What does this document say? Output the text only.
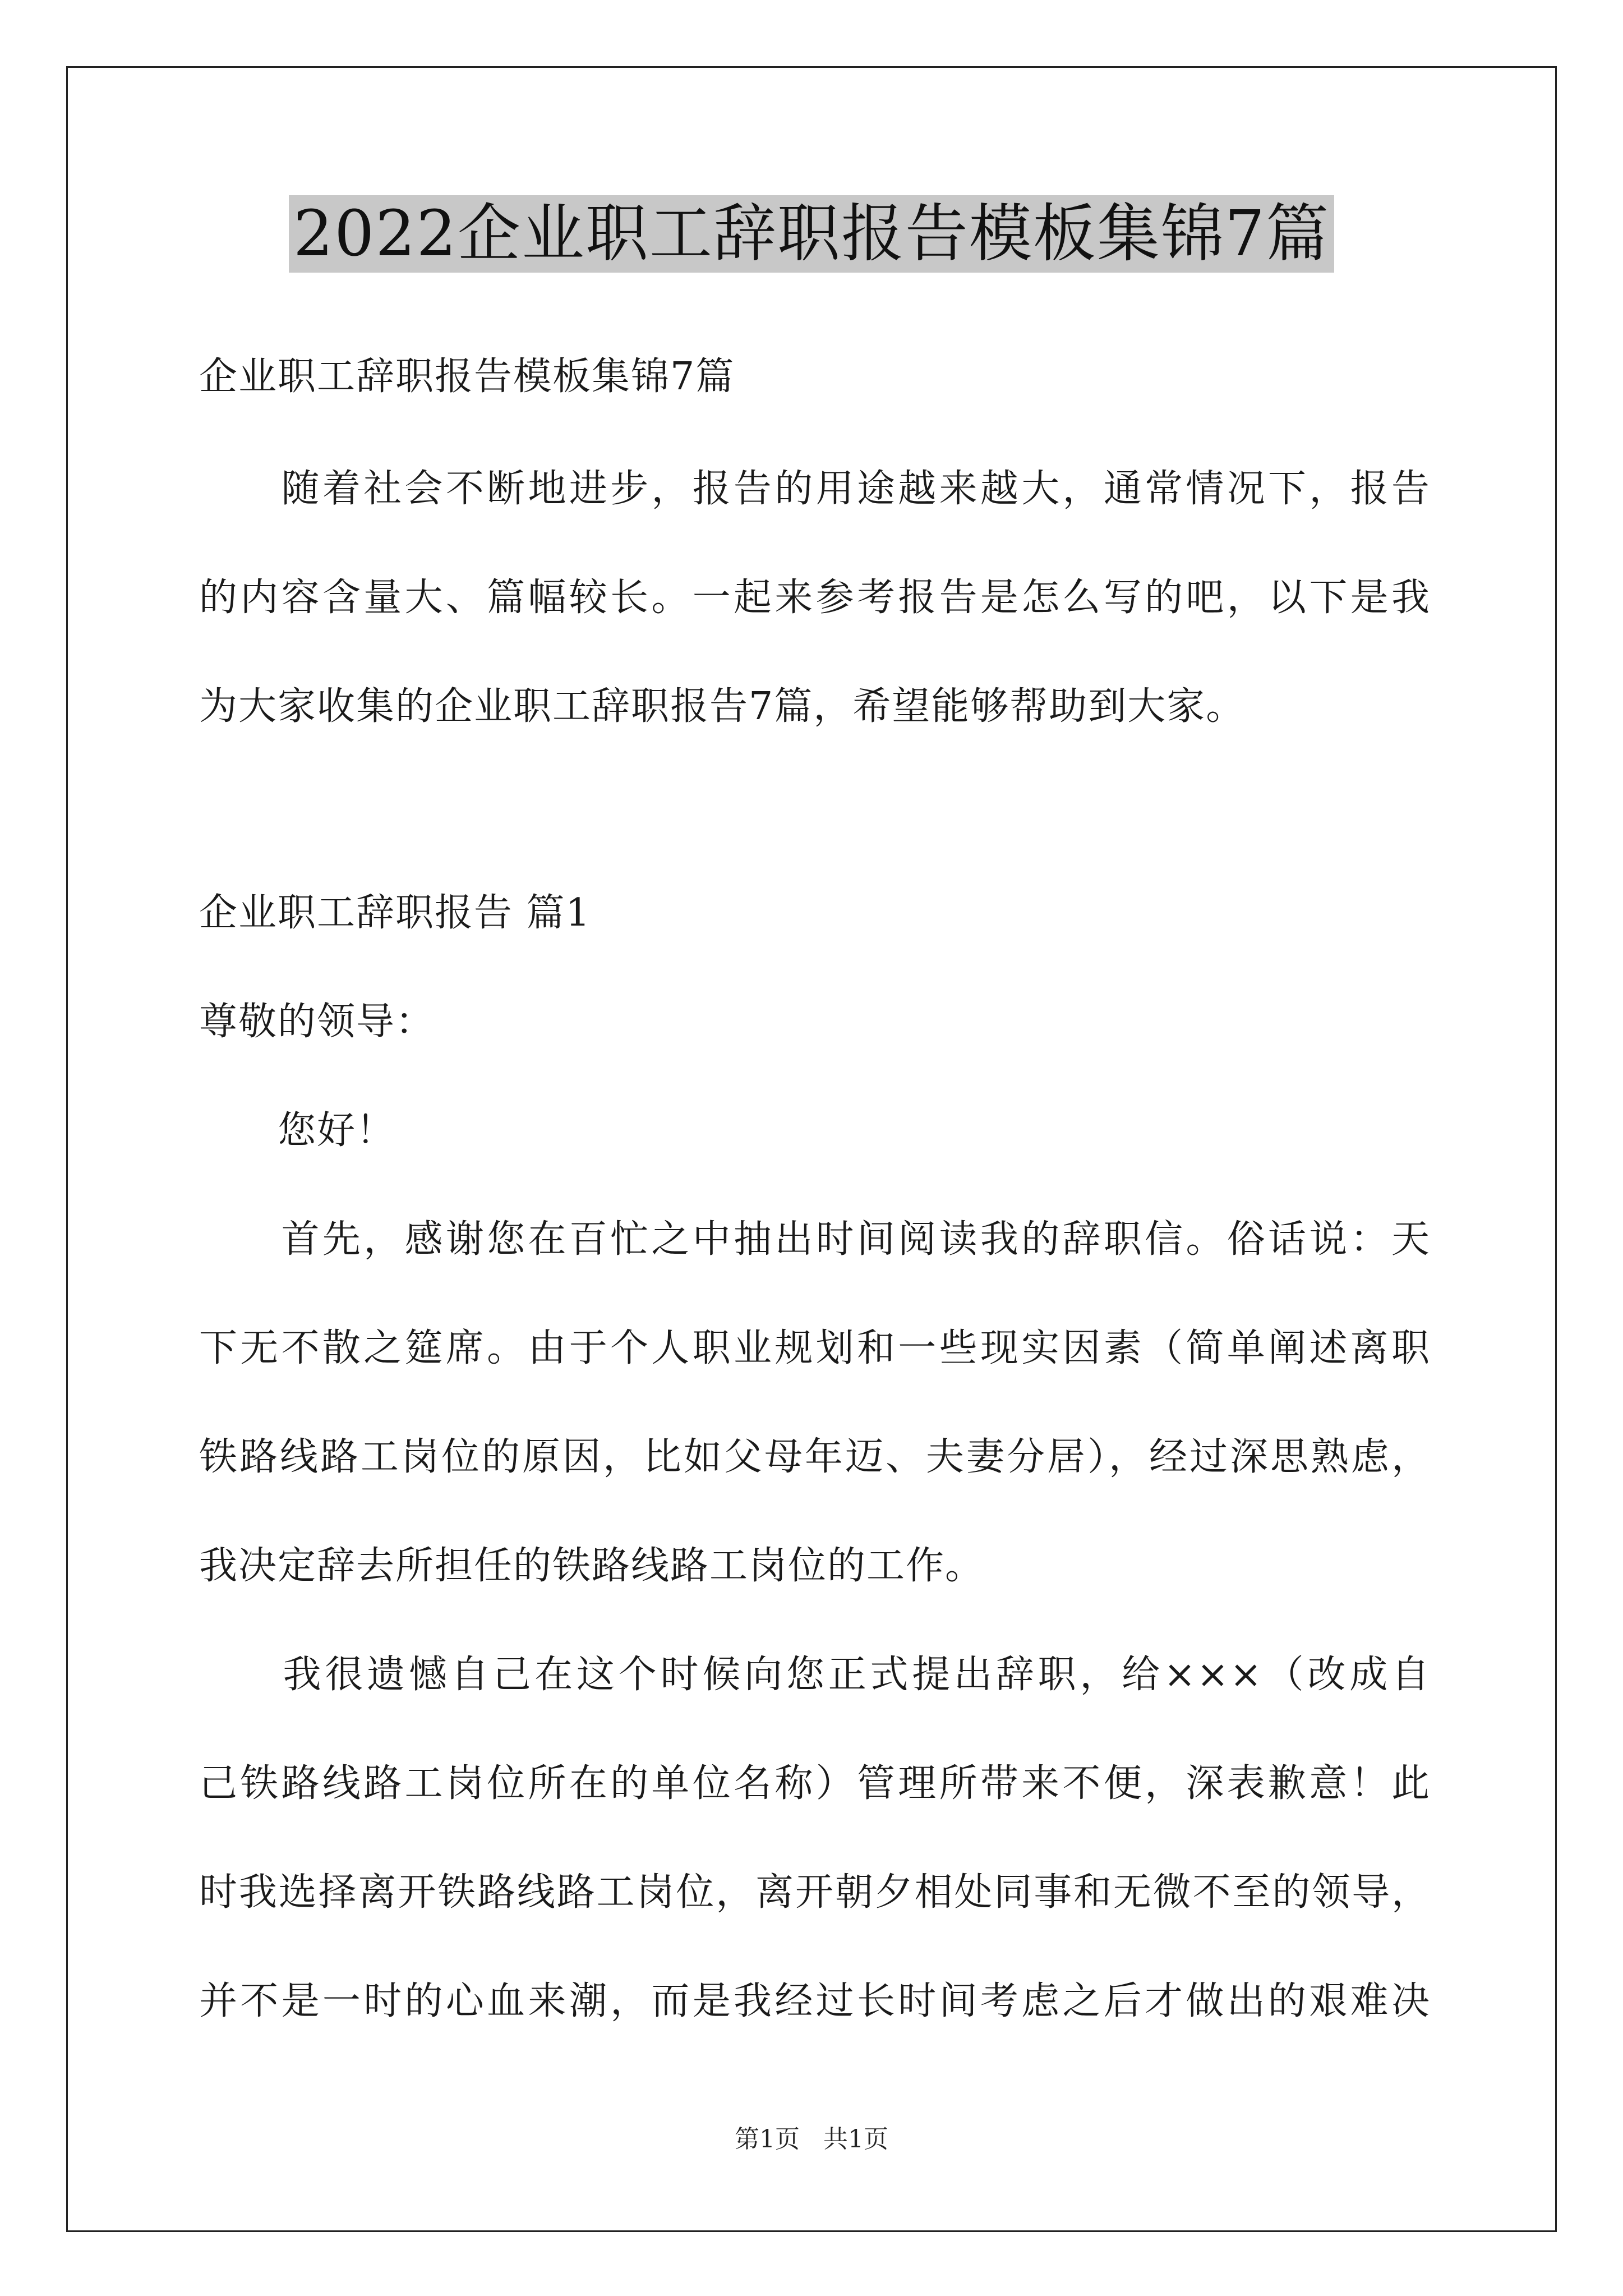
2022企业职工辞职报告模板集锦7篇
企业职工辞职报告模板集锦7篇
　　随着社会不断地进步，报告的用途越来越大，通常情况下，报告
的内容含量大、篇幅较长。一起来参考报告是怎么写的吧，以下是我
为大家收集的企业职工辞职报告7篇，希望能够帮助到大家。
企业职工辞职报告 篇1
尊敬的领导：
　　您好！
　　首先，感谢您在百忙之中抽出时间阅读我的辞职信。俗话说：天
下无不散之筵席。由于个人职业规划和一些现实因素（简单阐述离职
铁路线路工岗位的原因，比如父母年迈、夫妻分居），经过深思熟虑，
我决定辞去所担任的铁路线路工岗位的工作。
　　我很遗憾自己在这个时候向您正式提出辞职，给×××（改成自
己铁路线路工岗位所在的单位名称）管理所带来不便，深表歉意！此
时我选择离开铁路线路工岗位，离开朝夕相处同事和无微不至的领导，
并不是一时的心血来潮，而是我经过长时间考虑之后才做出的艰难决
第1页 共1页
